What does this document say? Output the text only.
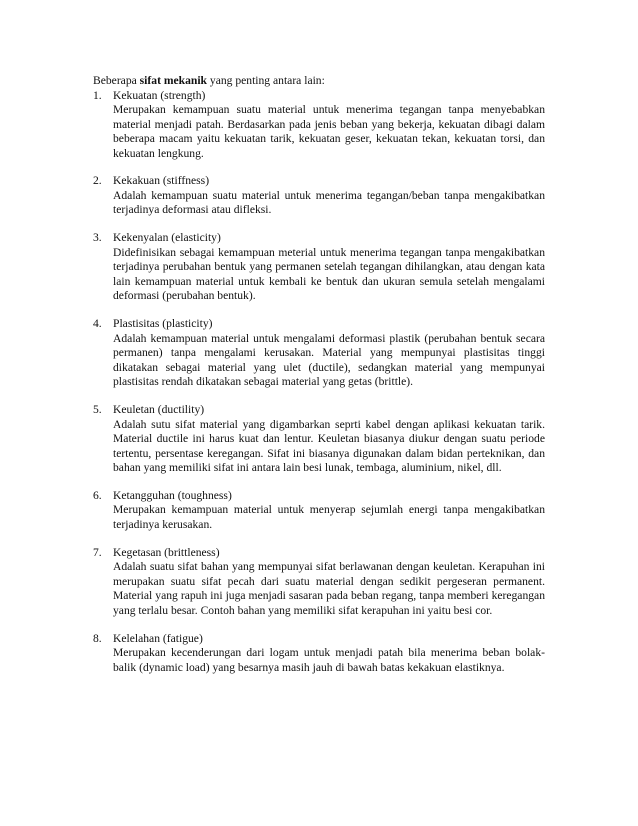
Beberapa sifat mekanik yang penting antara lain:

1. Kekuatan (strength)
Merupakan kemampuan suatu material untuk menerima tegangan tanpa menyebabkan material menjadi patah. Berdasarkan pada jenis beban yang bekerja, kekuatan dibagi dalam beberapa macam yaitu kekuatan tarik, kekuatan geser, kekuatan tekan, kekuatan torsi, dan kekuatan lengkung.
2. Kekakuan (stiffness)
Adalah kemampuan suatu material untuk menerima tegangan/beban tanpa mengakibatkan terjadinya deformasi atau difleksi.
3. Kekenyalan (elasticity)
Didefinisikan sebagai kemampuan meterial untuk menerima tegangan tanpa mengakibatkan terjadinya perubahan bentuk yang permanen setelah tegangan dihilangkan, atau dengan kata lain kemampuan material untuk kembali ke bentuk dan ukuran semula setelah mengalami deformasi (perubahan bentuk).
4. Plastisitas (plasticity)
Adalah kemampuan material untuk mengalami deformasi plastik (perubahan bentuk secara permanen) tanpa mengalami kerusakan. Material yang mempunyai plastisitas tinggi dikatakan sebagai material yang ulet (ductile), sedangkan material yang mempunyai plastisitas rendah dikatakan sebagai material yang getas (brittle).
5. Keuletan (ductility)
Adalah sutu sifat material yang digambarkan seprti kabel dengan aplikasi kekuatan tarik. Material ductile ini harus kuat dan lentur. Keuletan biasanya diukur dengan suatu periode tertentu, persentase keregangan. Sifat ini biasanya digunakan dalam bidan perteknikan, dan bahan yang memiliki sifat ini antara lain besi lunak, tembaga, aluminium, nikel, dll.
6. Ketangguhan (toughness)
Merupakan kemampuan material untuk menyerap sejumlah energi tanpa mengakibatkan terjadinya kerusakan.
7. Kegetasan (brittleness)
Adalah suatu sifat bahan yang mempunyai sifat berlawanan dengan keuletan. Kerapuhan ini merupakan suatu sifat pecah dari suatu material dengan sedikit pergeseran permanent. Material yang rapuh ini juga menjadi sasaran pada beban regang, tanpa memberi keregangan yang terlalu besar. Contoh bahan yang memiliki sifat kerapuhan ini yaitu besi cor.
8. Kelelahan (fatigue)
Merupakan kecenderungan dari logam untuk menjadi patah bila menerima beban bolak-balik (dynamic load) yang besarnya masih jauh di bawah batas kekakuan elastiknya.
